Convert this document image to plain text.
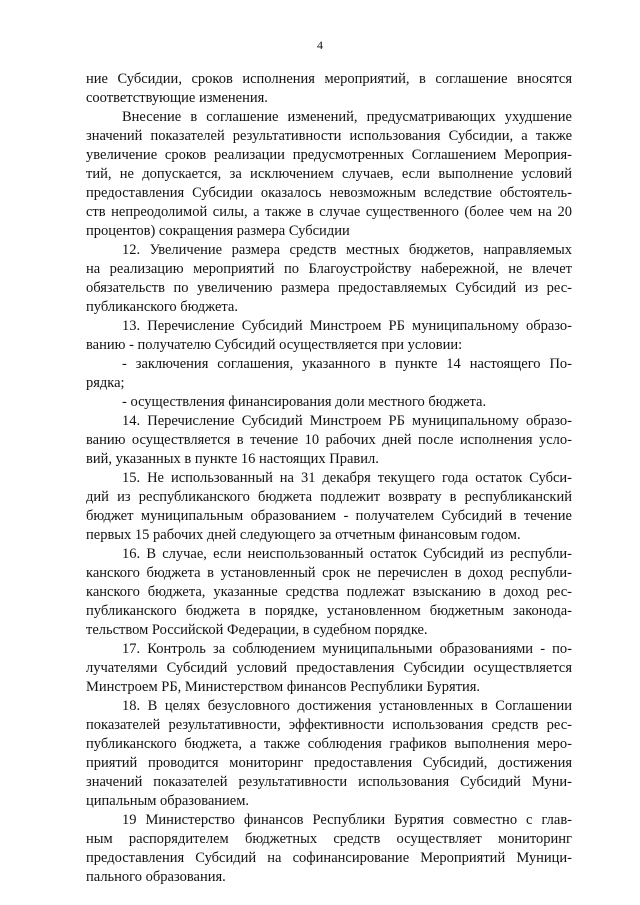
4
ние Субсидии, сроков исполнения мероприятий, в соглашение вносятся
соответствующие изменения.
Внесение в соглашение изменений, предусматривающих ухудшение
значений показателей результативности использования Субсидии, а также
увеличение сроков реализации предусмотренных Соглашением Мероприя-
тий, не допускается, за исключением случаев, если выполнение условий
предоставления Субсидии оказалось невозможным вследствие обстоятель-
ств непреодолимой силы, а также в случае существенного (более чем на 20
процентов) сокращения размера Субсидии
12. Увеличение размера средств местных бюджетов, направляемых
на реализацию мероприятий по Благоустройству набережной, не влечет
обязательств по увеличению размера предоставляемых Субсидий из рес-
публиканского бюджета.
13. Перечисление Субсидий Минстроем РБ муниципальному образо-
ванию - получателю Субсидий осуществляется при условии:
- заключения соглашения, указанного в пункте 14 настоящего По-
рядка;
- осуществления финансирования доли местного бюджета.
14. Перечисление Субсидий Минстроем РБ муниципальному образо-
ванию осуществляется в течение 10 рабочих дней после исполнения усло-
вий, указанных в пункте 16 настоящих Правил.
15. Не использованный на 31 декабря текущего года остаток Субси-
дий из республиканского бюджета подлежит возврату в республиканский
бюджет муниципальным образованием - получателем Субсидий в течение
первых 15 рабочих дней следующего за отчетным финансовым годом.
16. В случае, если неиспользованный остаток Субсидий из республи-
канского бюджета в установленный срок не перечислен в доход республи-
канского бюджета, указанные средства подлежат взысканию в доход рес-
публиканского бюджета в порядке, установленном бюджетным законода-
тельством Российской Федерации, в судебном порядке.
17. Контроль за соблюдением муниципальными образованиями - по-
лучателями Субсидий условий предоставления Субсидии осуществляется
Минстроем РБ, Министерством финансов Республики Бурятия.
18. В целях безусловного достижения установленных в Соглашении
показателей результативности, эффективности использования средств рес-
публиканского бюджета, а также соблюдения графиков выполнения меро-
приятий проводится мониторинг предоставления Субсидий, достижения
значений показателей результативности использования Субсидий Муни-
ципальным образованием.
19 Министерство финансов Республики Бурятия совместно с глав-
ным распорядителем бюджетных средств осуществляет мониторинг
предоставления Субсидий на софинансирование Мероприятий Муници-
пального образования.
